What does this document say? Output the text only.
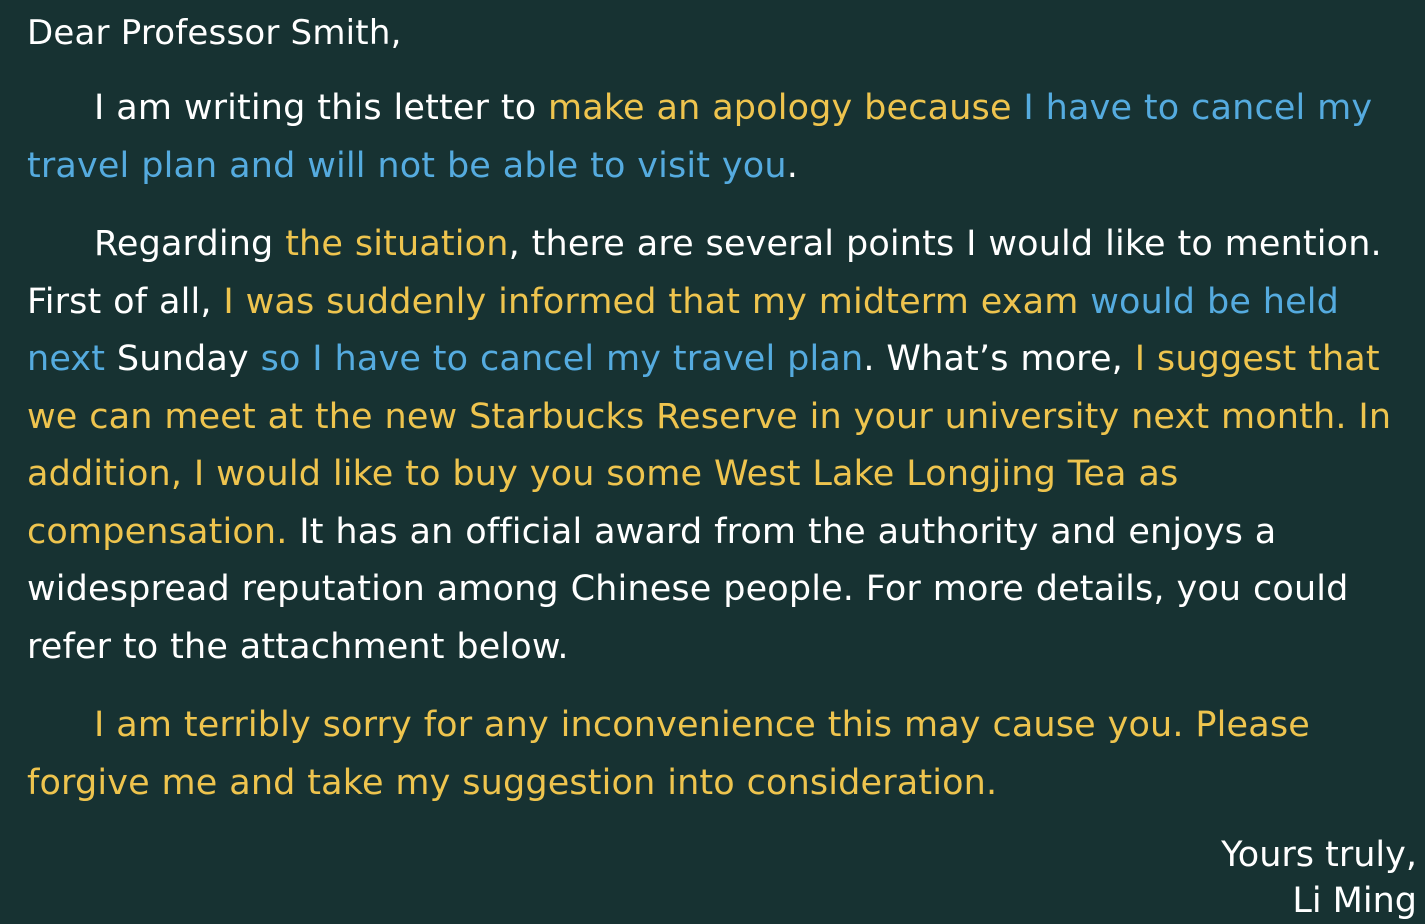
Dear Professor Smith,
I am writing this letter to make an apology because I have to cancel my travel plan and will not be able to visit you.
Regarding the situation, there are several points I would like to mention. First of all, I was suddenly informed that my midterm exam would be held next Sunday so I have to cancel my travel plan. What’s more, I suggest that we can meet at the new Starbucks Reserve in your university next month. In addition, I would like to buy you some West Lake Longjing Tea as compensation. It has an official award from the authority and enjoys a widespread reputation among Chinese people. For more details, you could refer to the attachment below.
I am terribly sorry for any inconvenience this may cause you. Please forgive me and take my suggestion into consideration.
Yours truly,
Li Ming
